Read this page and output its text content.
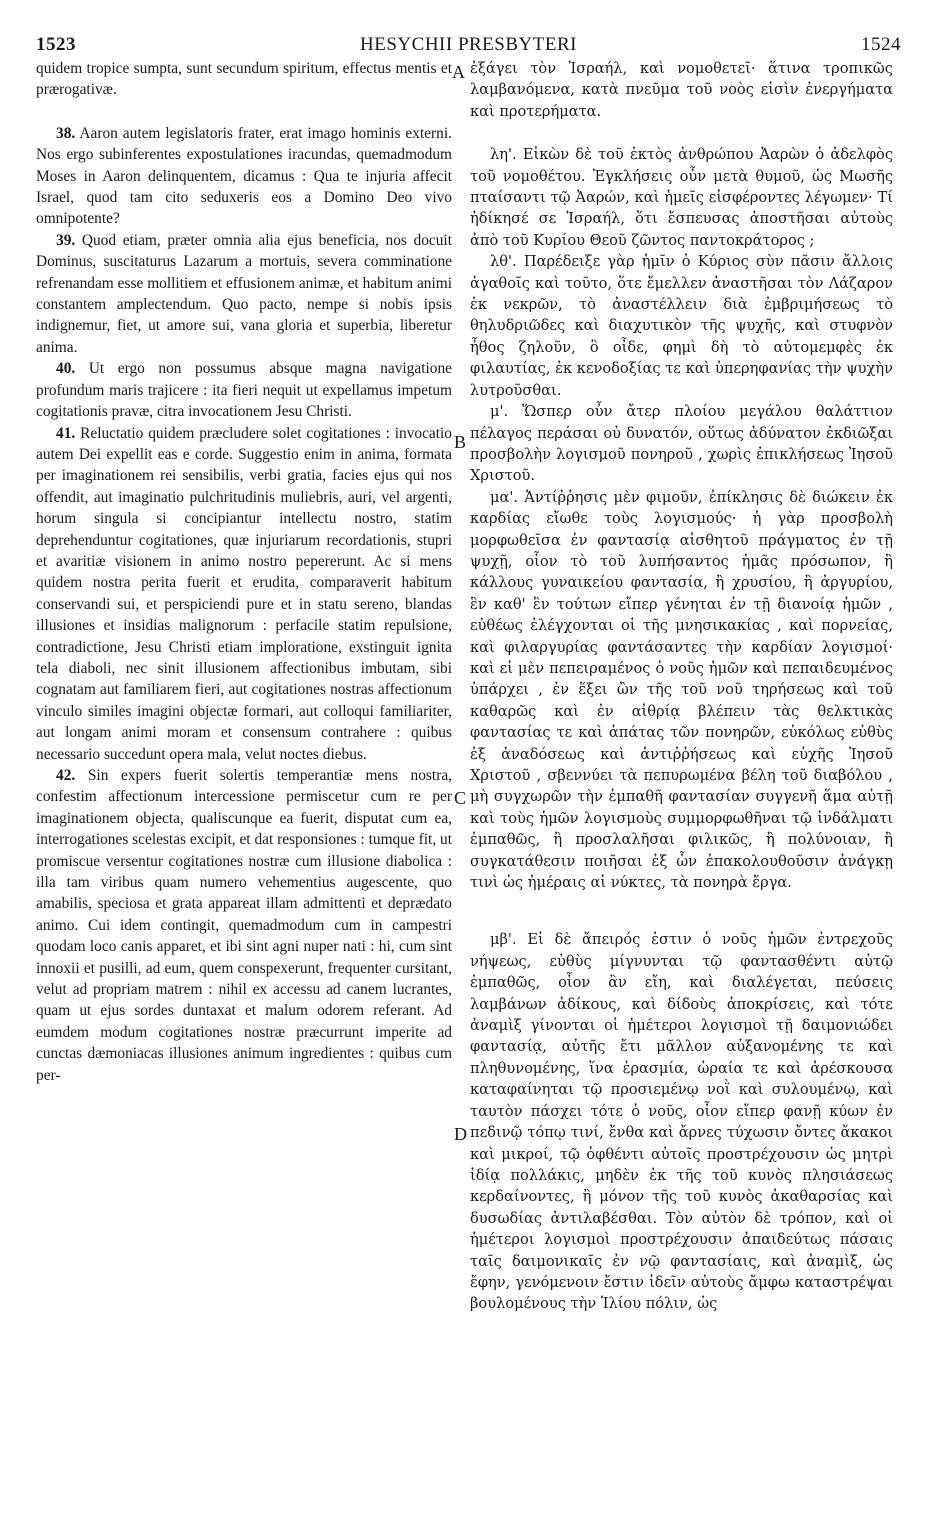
1523	HESYCHII PRESBYTERI	1524
A
B
C
D

quidem tropice sumpta, sunt secundum spiritum, effectus mentis et prærogativæ.

38. Aaron autem legislatoris frater, erat imago hominis externi. Nos ergo subinferentes expostulationes iracundas, quemadmodum Moses in Aaron delinquentem, dicamus : Qua te injuria affecit Israel, quod tam cito seduxeris eos a Domino Deo vivo omnipotente?

39. Quod etiam, præter omnia alia ejus beneficia, nos docuit Dominus, suscitaturus Lazarum a mortuis, severa comminatione refrenandam esse mollitiem et effusionem animæ, et habitum animi constantem amplectendum. Quo pacto, nempe si nobis ipsis indignemur, fiet, ut amore sui, vana gloria et superbia, liberetur anima.

40. Ut ergo non possumus absque magna navigatione profundum maris trajicere : ita fieri nequit ut expellamus impetum cogitationis pravæ, citra invocationem Jesu Christi.

41. Reluctatio quidem præcludere solet cogitationes : invocatio autem Dei expellit eas e corde. Suggestio enim in anima, formata per imaginationem rei sensibilis, verbi gratia, facies ejus qui nos offendit, aut imaginatio pulchritudinis muliebris, auri, vel argenti, horum singula si concipiantur intellectu nostro, statim deprehenduntur cogitationes, quæ injuriarum recordationis, stupri et avaritiæ visionem in animo nostro pepererunt. Ac si mens quidem nostra perita fuerit et erudita, comparaverit habitum conservandi sui, et perspiciendi pure et in statu sereno, blandas illusiones et insidias malignorum : perfacile statim repulsione, contradictione, Jesu Christi etiam imploratione, exstinguit ignita tela diaboli, nec sinit illusionem affectionibus imbutam, sibi cognatam aut familiarem fieri, aut cogitationes nostras affectionum vinculo similes imagini objectæ formari, aut colloqui familiariter, aut longam animi moram et consensum contrahere : quibus necessario succedunt opera mala, velut noctes diebus.

42. Sin expers fuerit solertis temperantiæ mens nostra, confestim affectionum intercessione permiscetur cum re per imaginationem objecta, qualiscunque ea fuerit, disputat cum ea, interrogationes scelestas excipit, et dat responsiones : tumque fit, ut promiscue versentur cogitationes nostræ cum illusione diabolica : illa tam viribus quam numero vehementius augescente, quo amabilis, speciosa et grata appareat illam admittenti et deprædato animo. Cui idem contingit, quemadmodum cum in campestri quodam loco canis apparet, et ibi sint agni nuper nati : hi, cum sint innoxii et pusilli, ad eum, quem conspexerunt, frequenter cursitant, velut ad propriam matrem : nihil ex accessu ad canem lucrantes, quam ut ejus sordes duntaxat et malum odorem referant. Ad eumdem modum cogitationes nostræ præcurrunt imperite ad cunctas dæmoniacas illusiones animum ingredientes : quibus cum per-

ἐξάγει τὸν Ἰσραήλ, καὶ νομοθετεῖ· ἅτινα τροπικῶς λαμβανόμενα, κατὰ πνεῦμα τοῦ νοὸς εἰσὶν ἐνεργήματα καὶ προτερήματα.

λη'. Εἰκὼν δὲ τοῦ ἐκτὸς ἀνθρώπου Ἀαρὼν ὁ ἀδελφὸς τοῦ νομοθέτου. Ἐγκλήσεις οὖν μετὰ θυμοῦ, ὡς Μωσῆς πταίσαντι τῷ Ἀαρών, καὶ ἡμεῖς εἰσφέροντες λέγωμεν· Τί ἠδίκησέ σε Ἰσραήλ, ὅτι ἔσπευσας ἀποστῆσαι αὐτοὺς ἀπὸ τοῦ Κυρίου Θεοῦ ζῶντος παντοκράτορος ;

λθ'. Παρέδειξε γὰρ ἡμῖν ὁ Κύριος σὺν πᾶσιν ἄλλοις ἀγαθοῖς καὶ τοῦτο, ὅτε ἔμελλεν ἀναστῆσαι τὸν Λάζαρον ἐκ νεκρῶν, τὸ ἀναστέλλειν διὰ ἐμβριμήσεως τὸ θηλυδριῶδες καὶ διαχυτικὸν τῆς ψυχῆς, καὶ στυφνὸν ἦθος ζηλοῦν, ὃ οἶδε, φημὶ δὴ τὸ αὐτομεμφὲς ἐκ φιλαυτίας, ἐκ κενοδοξίας τε καὶ ὑπερηφανίας τὴν ψυχὴν λυτροῦσθαι.

μ'. Ὥσπερ οὖν ἄτερ πλοίου μεγάλου θαλάττιον πέλαγος περάσαι οὐ δυνατόν, οὕτως ἀδύνατον ἐκδιῶξαι προσβολὴν λογισμοῦ πονηροῦ , χωρὶς ἐπικλήσεως Ἰησοῦ Χριστοῦ.

μα'. Ἀντίῤῥησις μὲν φιμοῦν, ἐπίκλησις δὲ διώκειν ἐκ καρδίας εἴωθε τοὺς λογισμούς· ἡ γὰρ προσβολὴ μορφωθεῖσα ἐν φαντασίᾳ αἰσθητοῦ πράγματος ἐν τῇ ψυχῇ, οἷον τὸ τοῦ λυπήσαντος ἡμᾶς πρόσωπον, ἢ κάλλους γυναικείου φαντασία, ἢ χρυσίου, ἢ ἀργυρίου, ἓν καθ' ἓν τούτων εἴπερ γένηται ἐν τῇ διανοίᾳ ἡμῶν , εὐθέως ἐλέγχονται οἱ τῆς μνησικακίας , καὶ πορνείας, καὶ φιλαργυρίας φαντάσαντες τὴν καρδίαν λογισμοί· καὶ εἰ μὲν πεπειραμένος ὁ νοῦς ἡμῶν καὶ πεπαιδευμένος ὑπάρχει , ἐν ἕξει ὢν τῆς τοῦ νοῦ τηρήσεως καὶ τοῦ καθαρῶς καὶ ἐν αἰθρίᾳ βλέπειν τὰς θελκτικὰς φαντασίας τε καὶ ἀπάτας τῶν πονηρῶν, εὐκόλως εὐθὺς ἐξ ἀναδόσεως καὶ ἀντιῤῥήσεως καὶ εὐχῆς Ἰησοῦ Χριστοῦ , σβεννύει τὰ πεπυρωμένα βέλη τοῦ διαβόλου , μὴ συγχωρῶν τὴν ἐμπαθῆ φαντασίαν συγγενῆ ἅμα αὐτῇ καὶ τοὺς ἡμῶν λογισμοὺς συμμορφωθῆναι τῷ ἰνδάλματι ἐμπαθῶς, ἢ προσλαλῆσαι φιλικῶς, ἢ πολύνοιαν, ἢ συγκατάθεσιν ποιῆσαι ἐξ ὧν ἐπακολουθοῦσιν ἀνάγκῃ τινὶ ὡς ἡμέραις αἱ νύκτες, τὰ πονηρὰ ἔργα.

μβ'. Εἰ δὲ ἄπειρός ἐστιν ὁ νοῦς ἡμῶν ἐντρεχοῦς νήψεως, εὐθὺς μίγνυνται τῷ φαντασθέντι αὐτῷ ἐμπαθῶς, οἷον ἂν εἴη, καὶ διαλέγεται, πεύσεις λαμβάνων ἀδίκους, καὶ δίδοὺς ἀποκρίσεις, καὶ τότε ἀναμὶξ γίνονται οἱ ἡμέτεροι λογισμοὶ τῇ δαιμονιώδει φαντασίᾳ, αὐτῆς ἔτι μᾶλλον αὐξανομένης τε καὶ πληθυνομένης, ἵνα ἐρασμία, ὡραία τε καὶ ἀρέσκουσα καταφαίνηται τῷ προσιεμένῳ νοῒ καὶ συλουμένῳ, καὶ ταυτὸν πάσχει τότε ὁ νοῦς, οἷον εἴπερ φανῇ κύων ἐν πεδινῷ τόπῳ τινί, ἔνθα καὶ ἄρνες τύχωσιν ὄντες ἄκακοι καὶ μικροί, τῷ ὀφθέντι αὐτοῖς προστρέχουσιν ὡς μητρὶ ἰδίᾳ πολλάκις, μηδὲν ἐκ τῆς τοῦ κυνὸς πλησιάσεως κερδαίνοντες, ἢ μόνον τῆς τοῦ κυνὸς ἀκαθαρσίας καὶ δυσωδίας ἀντιλαβέσθαι. Τὸν αὐτὸν δὲ τρόπον, καὶ οἱ ἡμέτεροι λογισμοὶ προστρέχουσιν ἀπαιδεύτως πάσαις ταῖς δαιμονικαῖς ἐν νῷ φαντασίαις, καὶ ἀναμὶξ, ὡς ἔφην, γενόμενοιν ἔστιν ἰδεῖν αὐτοὺς ἄμφω καταστρέψαι βουλομένους τὴν Ἰλίου πόλιν, ὡς
